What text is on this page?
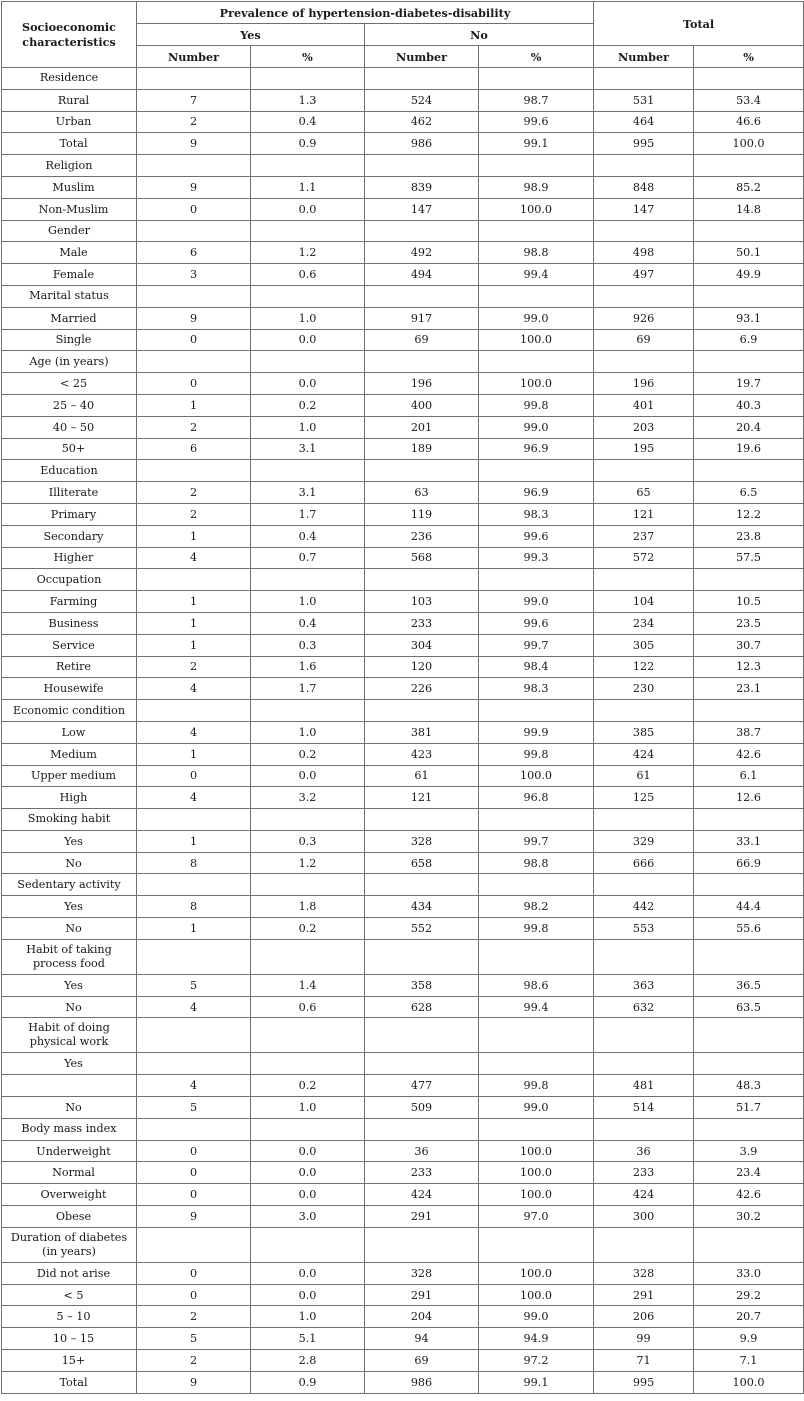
Socioeconomic characteristics	Prevalence of hypertension-diabetes-disability				Total	
	Yes		No			
	Number	%	Number	%	Number	%
Residence						
Rural	7	1.3	524	98.7	531	53.4
Urban	2	0.4	462	99.6	464	46.6
Total	9	0.9	986	99.1	995	100.0
Religion						
Muslim	9	1.1	839	98.9	848	85.2
Non-Muslim	0	0.0	147	100.0	147	14.8
Gender						
Male	6	1.2	492	98.8	498	50.1
Female	3	0.6	494	99.4	497	49.9
Marital status						
Married	9	1.0	917	99.0	926	93.1
Single	0	0.0	69	100.0	69	6.9
Age (in years)						
< 25	0	0.0	196	100.0	196	19.7
25 – 40	1	0.2	400	99.8	401	40.3
40 – 50	2	1.0	201	99.0	203	20.4
50+	6	3.1	189	96.9	195	19.6
Education						
Illiterate	2	3.1	63	96.9	65	6.5
Primary	2	1.7	119	98.3	121	12.2
Secondary	1	0.4	236	99.6	237	23.8
Higher	4	0.7	568	99.3	572	57.5
Occupation						
Farming	1	1.0	103	99.0	104	10.5
Business	1	0.4	233	99.6	234	23.5
Service	1	0.3	304	99.7	305	30.7
Retire	2	1.6	120	98.4	122	12.3
Housewife	4	1.7	226	98.3	230	23.1
Economic condition						
Low	4	1.0	381	99.9	385	38.7
Medium	1	0.2	423	99.8	424	42.6
Upper medium	0	0.0	61	100.0	61	6.1
High	4	3.2	121	96.8	125	12.6
Smoking habit						
Yes	1	0.3	328	99.7	329	33.1
No	8	1.2	658	98.8	666	66.9
Sedentary activity						
Yes	8	1.8	434	98.2	442	44.4
No	1	0.2	552	99.8	553	55.6
Habit of taking process food						
Yes	5	1.4	358	98.6	363	36.5
No	4	0.6	628	99.4	632	63.5
Habit of doing physical work						
Yes						
	4	0.2	477	99.8	481	48.3
No	5	1.0	509	99.0	514	51.7
Body mass index						
Underweight	0	0.0	36	100.0	36	3.9
Normal	0	0.0	233	100.0	233	23.4
Overweight	0	0.0	424	100.0	424	42.6
Obese	9	3.0	291	97.0	300	30.2
Duration of diabetes (in years)						
Did not arise	0	0.0	328	100.0	328	33.0
< 5	0	0.0	291	100.0	291	29.2
5 – 10	2	1.0	204	99.0	206	20.7
10 – 15	5	5.1	94	94.9	99	9.9
15+	2	2.8	69	97.2	71	7.1
Total	9	0.9	986	99.1	995	100.0
